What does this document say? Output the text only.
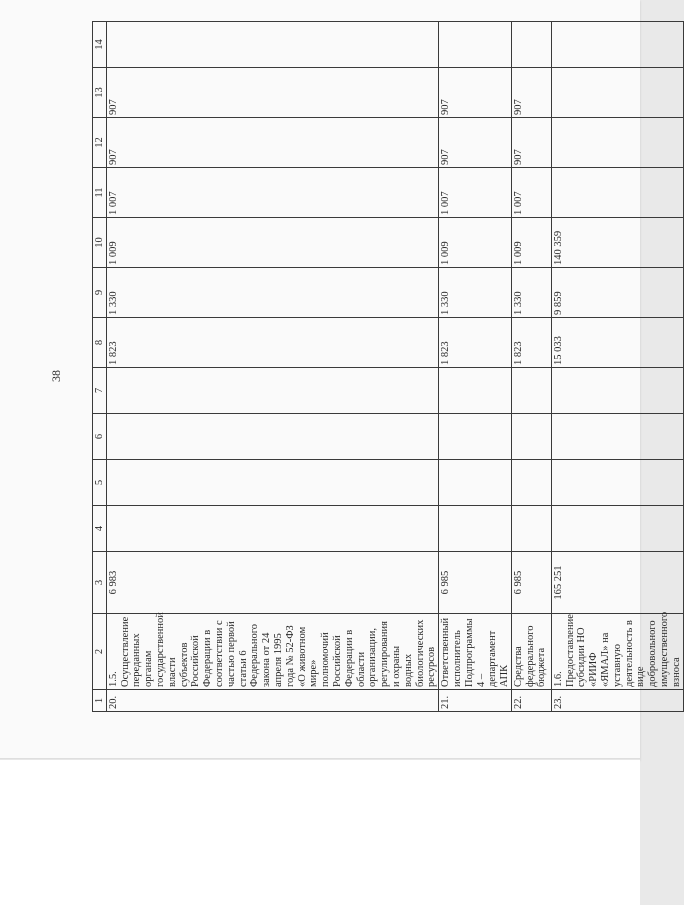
38
1	2	3	4	5	6	7	8	9	10	11	12	13	14
20.	1.5. Осуществление переданных органам государственной власти субъектов Российской Федерации в соответствии с частью первой статьи 6 Федерального закона от 24 апреля 1995 года № 52-ФЗ «О животном мире» полномочий Российской Федерации в области организации, регулирования и охраны водных биологических ресурсов	6 983					1 823	1 330	1 009	1 007	907	907	
21.	Ответственный исполнитель Подпрограммы 4 – департамент АПК	6 985					1 823	1 330	1 009	1 007	907	907	
22.	Средства федерального бюджета	6 985					1 823	1 330	1 009	1 007	907	907	
23.	1.6. Предоставление субсидии НО «РИИФ «ЯМАЛ» на уставную деятельность в виде добровольного имущественного взноса	165 251					15 033	9 859	140 359				
